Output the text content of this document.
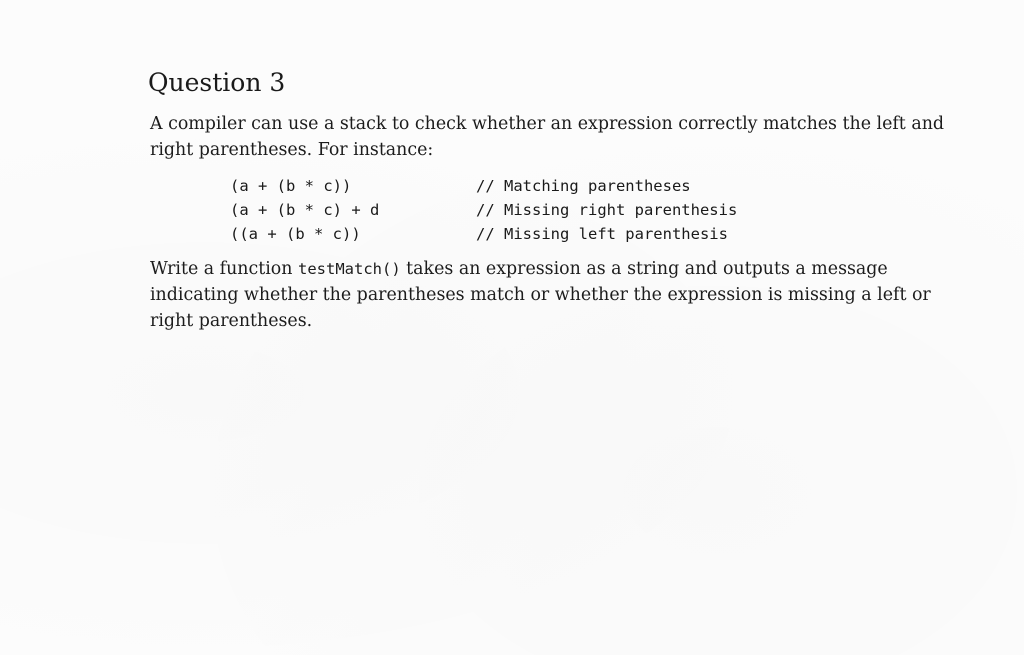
Question 3
A compiler can use a stack to check whether an expression correctly matches the left and right parentheses. For instance:
(a + (b * c))	// Matching parentheses
(a + (b * c) + d	// Missing right parenthesis
((a + (b * c))	// Missing left parenthesis
Write a function testMatch() takes an expression as a string and outputs a message indicating whether the parentheses match or whether the expression is missing a left or right parentheses.
